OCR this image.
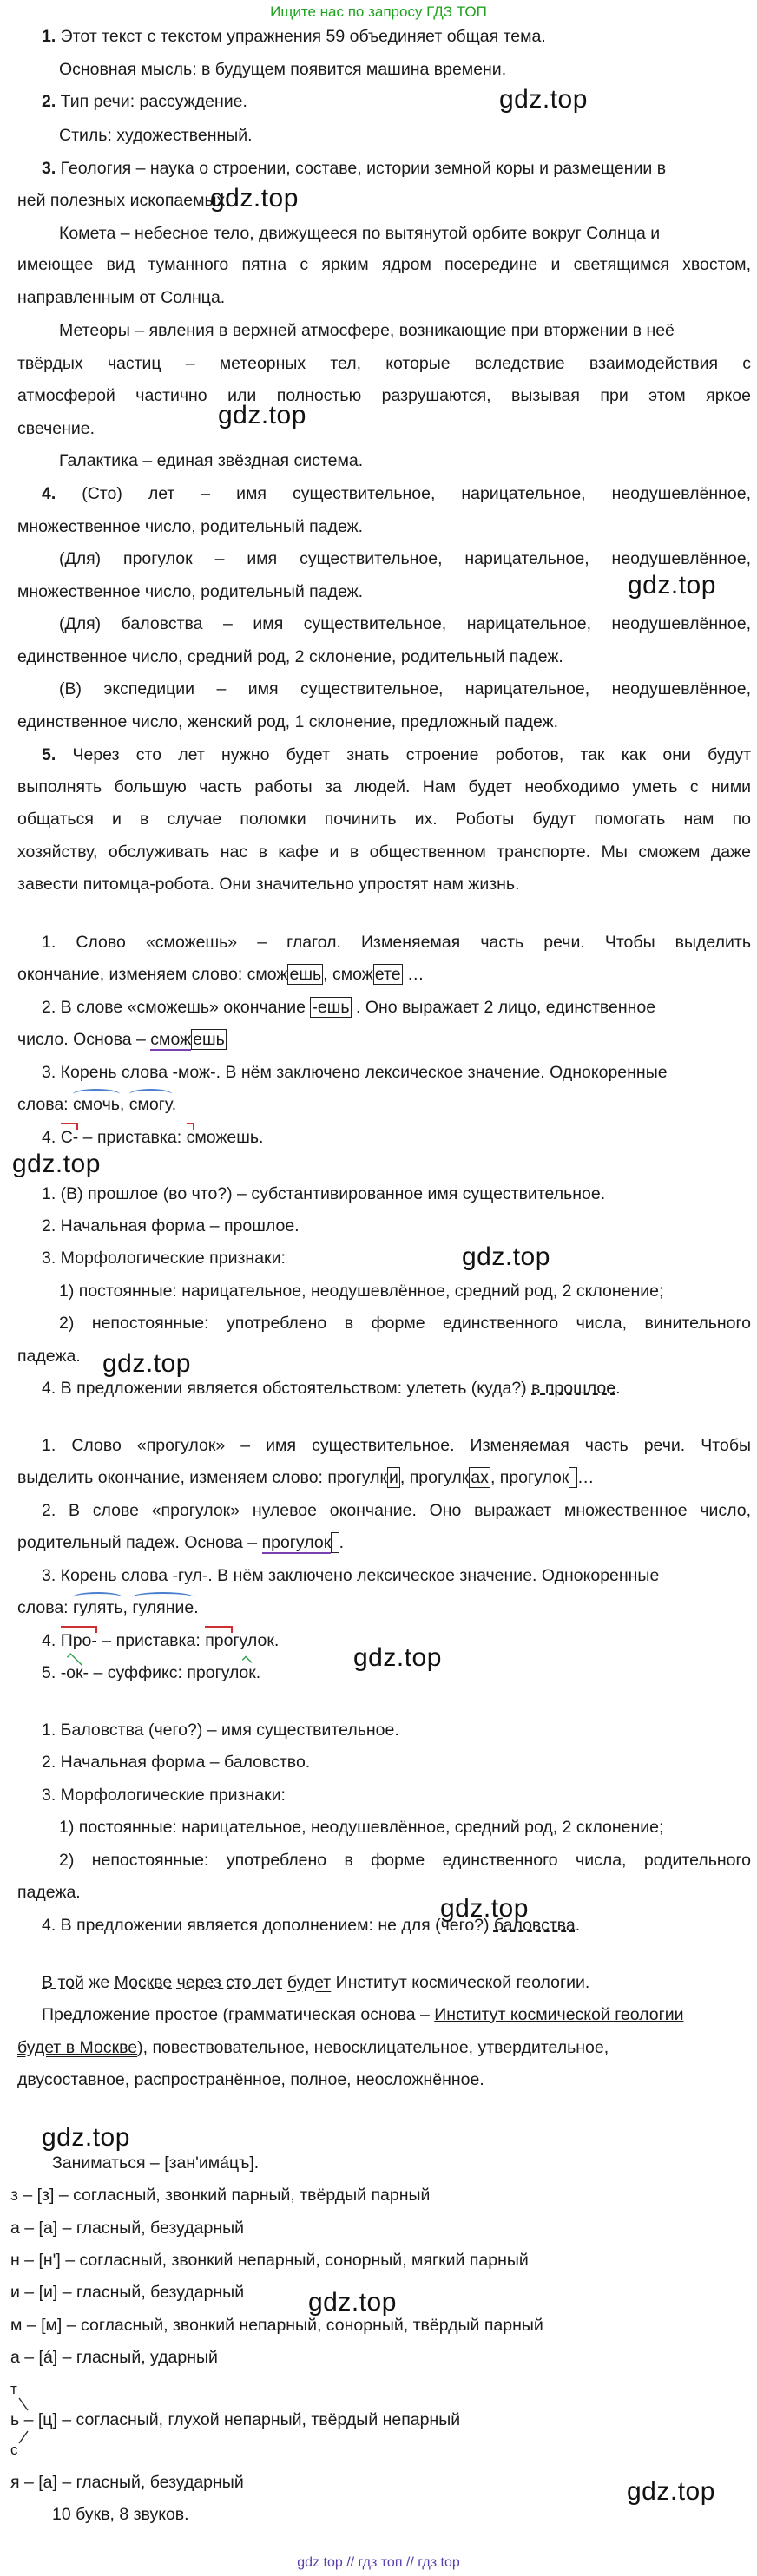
Ищите нас по запросу ГДЗ ТОП
gdz.top
gdz.top
gdz.top
gdz.top
gdz.top
gdz.top
gdz.top
gdz.top
gdz.top
gdz.top
gdz.top
gdz.top
1. Этот текст с текстом упражнения 59 объединяет общая тема.
Основная мысль: в будущем появится машина времени.
2. Тип речи: рассуждение.
Стиль: художественный.
3. Геология – наука о строении, составе, истории земной коры и размещении в
ней полезных ископаемых.
Комета – небесное тело, движущееся по вытянутой орбите вокруг Солнца и
имеющее вид туманного пятна с ярким ядром посередине и светящимся хвостом,
направленным от Солнца.
Метеоры – явления в верхней атмосфере, возникающие при вторжении в неё
твёрдых частиц – метеорных тел, которые вследствие взаимодействия с
атмосферой частично или полностью разрушаются, вызывая при этом яркое
свечение.
Галактика – единая звёздная система.
4. (Сто) лет – имя существительное, нарицательное, неодушевлённое,
множественное число, родительный падеж.
(Для) прогулок – имя существительное, нарицательное, неодушевлённое,
множественное число, родительный падеж.
(Для) баловства – имя существительное, нарицательное, неодушевлённое,
единственное число, средний род, 2 склонение, родительный падеж.
(В) экспедиции – имя существительное, нарицательное, неодушевлённое,
единственное число, женский род, 1 склонение, предложный падеж.
5. Через сто лет нужно будет знать строение роботов, так как они будут
выполнять большую часть работы за людей. Нам будет необходимо уметь с ними
общаться и в случае поломки починить их. Роботы будут помогать нам по
хозяйству, обслуживать нас в кафе и в общественном транспорте. Мы сможем даже
завести питомца-робота. Они значительно упростят нам жизнь.
1. Слово «сможешь» – глагол. Изменяемая часть речи. Чтобы выделить
окончание, изменяем слово: смож ешь , смож ете …
2. В слове «сможешь» окончание -ешь . Оно выражает 2 лицо, единственное
число. Основа – смож ешь
3. Корень слова -мож-. В нём заключено лексическое значение. Однокоренные
слова:
смочь,
смогу.
4.
С- – приставка:
сможешь.
1. (В) прошлое (во что?) – субстантивированное имя существительное.
2. Начальная форма – прошлое.
3. Морфологические признаки:
1) постоянные: нарицательное, неодушевлённое, средний род, 2 склонение;
2) непостоянные: употреблено в форме единственного числа, винительного
падежа.
4. В предложении является обстоятельством: улететь (куда?) в прошлое.
1. Слово «прогулок» – имя существительное. Изменяемая часть речи. Чтобы
выделить окончание, изменяем слово: прогулк и , прогулк ах , прогулок …
2. В слове «прогулок» нулевое окончание. Оно выражает множественное число,
родительный падеж. Основа – прогулок .
3. Корень слова -гул-. В нём заключено лексическое значение. Однокоренные
слова:
гулять,
гуляние.
4.
Про- – приставка:
прогулок.
5. -ок- – суффикс: прогулок.
1. Баловства (чего?) – имя существительное.
2. Начальная форма – баловство.
3. Морфологические признаки:
1) постоянные: нарицательное, неодушевлённое, средний род, 2 склонение;
2) непостоянные: употреблено в форме единственного числа, родительного
падежа.
4. В предложении является дополнением: не для (чего?) баловства.
В той же Москве через сто лет будет Институт космической геологии.
Предложение простое (грамматическая основа – Институт космической геологии
будет в Москве), повествовательное, невосклицательное, утвердительное,
двусоставное, распространённое, полное, неосложнённое.
Заниматься – [зан'имáцъ].
з – [з] – согласный, звонкий парный, твёрдый парный
а – [а] – гласный, безударный
н – [н'] – согласный, звонкий непарный, сонорный, мягкий парный
и – [и] – гласный, безударный
м – [м] – согласный, звонкий непарный, сонорный, твёрдый парный
а – [á] – гласный, ударный
т
ь – [ц] – согласный, глухой непарный, твёрдый непарный
с
я – [а] – гласный, безударный
10 букв, 8 звуков.
gdz top // гдз топ // гдз top
